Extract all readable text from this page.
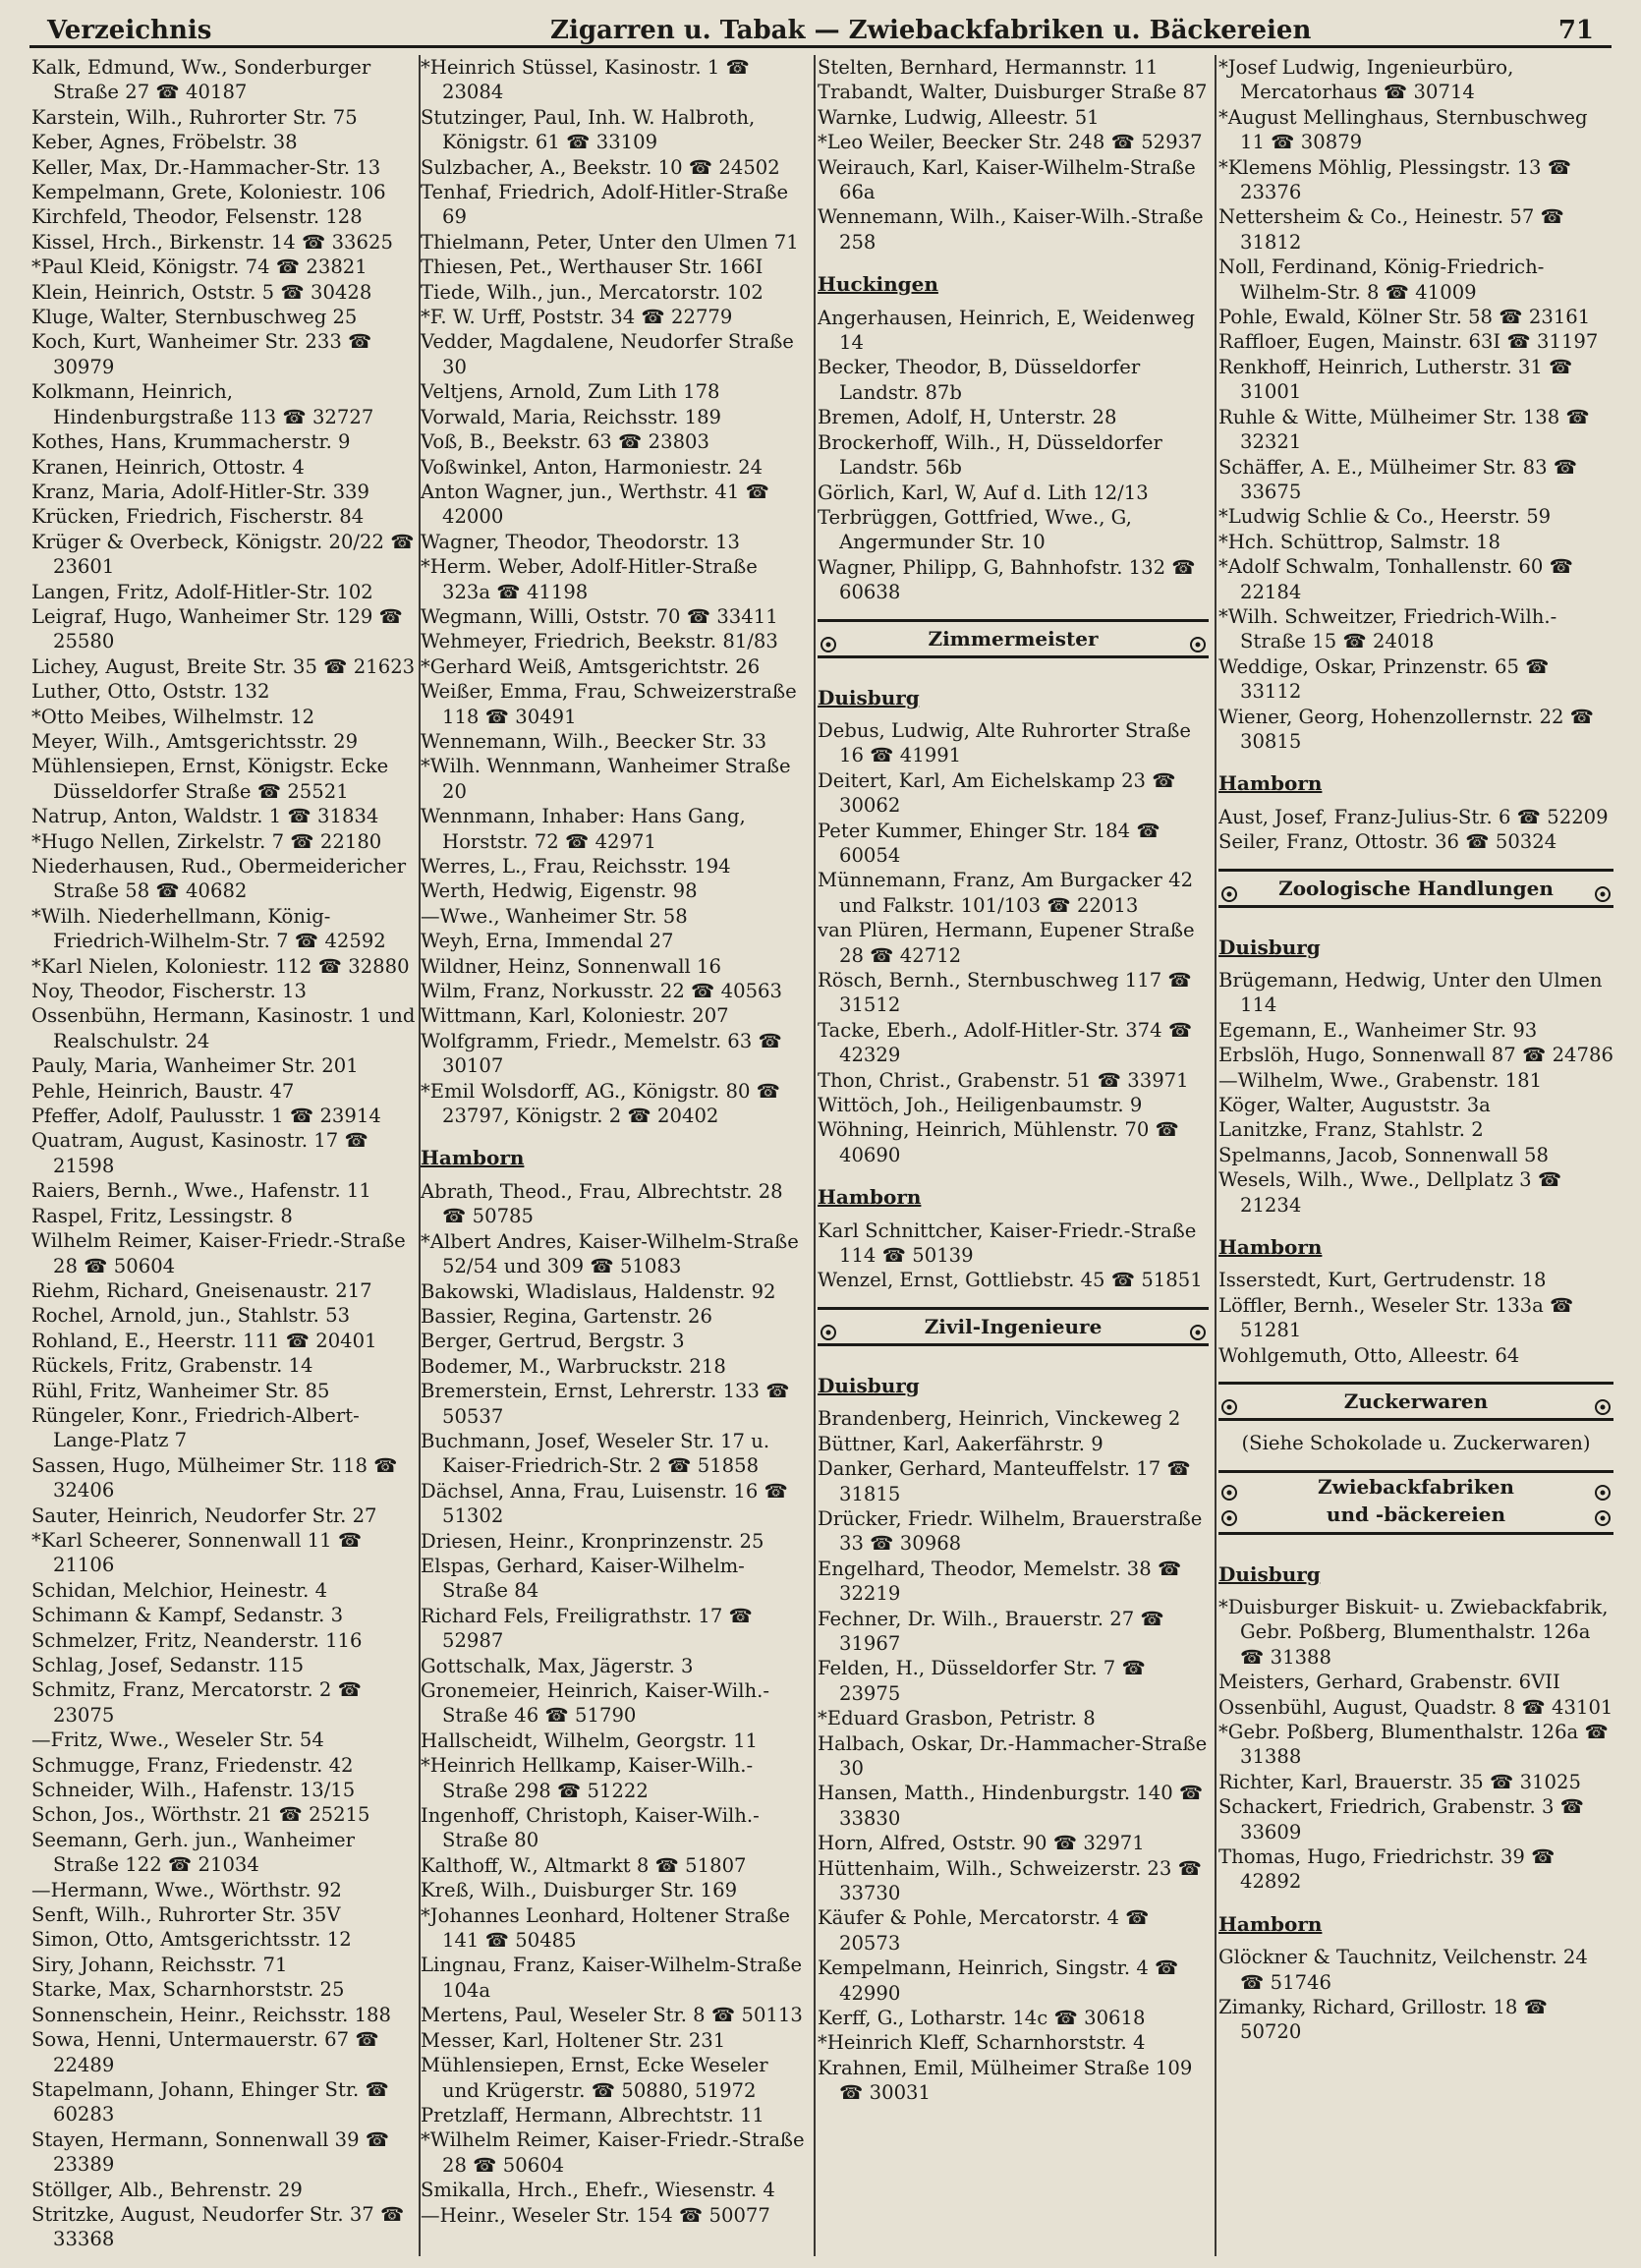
Verzeichnis	Zigarren u. Tabak — Zwiebackfabriken u. Bäckereien	71

Kalk, Edmund, Ww., Sonderburger Straße 27 ☎ 40187

Karstein, Wilh., Ruhrorter Str. 75

Keber, Agnes, Fröbelstr. 38

Keller, Max, Dr.-Hammacher-Str. 13

Kempelmann, Grete, Koloniestr. 106

Kirchfeld, Theodor, Felsenstr. 128

Kissel, Hrch., Birkenstr. 14 ☎ 33625

*Paul Kleid, Königstr. 74 ☎ 23821

Klein, Heinrich, Oststr. 5 ☎ 30428

Kluge, Walter, Sternbuschweg 25

Koch, Kurt, Wanheimer Str. 233 ☎ 30979

Kolkmann, Heinrich, Hindenburgstraße 113 ☎ 32727

Kothes, Hans, Krummacherstr. 9

Kranen, Heinrich, Ottostr. 4

Kranz, Maria, Adolf-Hitler-Str. 339

Krücken, Friedrich, Fischerstr. 84

Krüger & Overbeck, Königstr. 20/22 ☎ 23601

Langen, Fritz, Adolf-Hitler-Str. 102

Leigraf, Hugo, Wanheimer Str. 129 ☎ 25580

Lichey, August, Breite Str. 35 ☎ 21623

Luther, Otto, Oststr. 132

*Otto Meibes, Wilhelmstr. 12

Meyer, Wilh., Amtsgerichtsstr. 29

Mühlensiepen, Ernst, Königstr. Ecke Düsseldorfer Straße ☎ 25521

Natrup, Anton, Waldstr. 1 ☎ 31834

*Hugo Nellen, Zirkelstr. 7 ☎ 22180

Niederhausen, Rud., Obermeidericher Straße 58 ☎ 40682

*Wilh. Niederhellmann, König-Friedrich-Wilhelm-Str. 7 ☎ 42592

*Karl Nielen, Koloniestr. 112 ☎ 32880

Noy, Theodor, Fischerstr. 13

Ossenbühn, Hermann, Kasinostr. 1 und Realschulstr. 24

Pauly, Maria, Wanheimer Str. 201

Pehle, Heinrich, Baustr. 47

Pfeffer, Adolf, Paulusstr. 1 ☎ 23914

Quatram, August, Kasinostr. 17 ☎ 21598

Raiers, Bernh., Wwe., Hafenstr. 11

Raspel, Fritz, Lessingstr. 8

Wilhelm Reimer, Kaiser-Friedr.-Straße 28 ☎ 50604

Riehm, Richard, Gneisenaustr. 217

Rochel, Arnold, jun., Stahlstr. 53

Rohland, E., Heerstr. 111 ☎ 20401

Rückels, Fritz, Grabenstr. 14

Rühl, Fritz, Wanheimer Str. 85

Rüngeler, Konr., Friedrich-Albert-Lange-Platz 7

Sassen, Hugo, Mülheimer Str. 118 ☎ 32406

Sauter, Heinrich, Neudorfer Str. 27

*Karl Scheerer, Sonnenwall 11 ☎ 21106

Schidan, Melchior, Heinestr. 4

Schimann & Kampf, Sedanstr. 3

Schmelzer, Fritz, Neanderstr. 116

Schlag, Josef, Sedanstr. 115

Schmitz, Franz, Mercatorstr. 2 ☎ 23075

—Fritz, Wwe., Weseler Str. 54

Schmugge, Franz, Friedenstr. 42

Schneider, Wilh., Hafenstr. 13/15

Schon, Jos., Wörthstr. 21 ☎ 25215

Seemann, Gerh. jun., Wanheimer Straße 122 ☎ 21034

—Hermann, Wwe., Wörthstr. 92

Senft, Wilh., Ruhrorter Str. 35V

Simon, Otto, Amtsgerichtsstr. 12

Siry, Johann, Reichsstr. 71

Starke, Max, Scharnhorststr. 25

Sonnenschein, Heinr., Reichsstr. 188

Sowa, Henni, Untermauerstr. 67 ☎ 22489

Stapelmann, Johann, Ehinger Str. ☎ 60283

Stayen, Hermann, Sonnenwall 39 ☎ 23389

Stöllger, Alb., Behrenstr. 29

Stritzke, August, Neudorfer Str. 37 ☎ 33368

*Heinrich Stüssel, Kasinostr. 1 ☎ 23084

Stutzinger, Paul, Inh. W. Halbroth, Königstr. 61 ☎ 33109

Sulzbacher, A., Beekstr. 10 ☎ 24502

Tenhaf, Friedrich, Adolf-Hitler-Straße 69

Thielmann, Peter, Unter den Ulmen 71

Thiesen, Pet., Werthauser Str. 166I

Tiede, Wilh., jun., Mercatorstr. 102

*F. W. Urff, Poststr. 34 ☎ 22779

Vedder, Magdalene, Neudorfer Straße 30

Veltjens, Arnold, Zum Lith 178

Vorwald, Maria, Reichsstr. 189

Voß, B., Beekstr. 63 ☎ 23803

Voßwinkel, Anton, Harmoniestr. 24

Anton Wagner, jun., Werthstr. 41 ☎ 42000

Wagner, Theodor, Theodorstr. 13

*Herm. Weber, Adolf-Hitler-Straße 323a ☎ 41198

Wegmann, Willi, Oststr. 70 ☎ 33411

Wehmeyer, Friedrich, Beekstr. 81/83

*Gerhard Weiß, Amtsgerichtstr. 26

Weißer, Emma, Frau, Schweizerstraße 118 ☎ 30491

Wennemann, Wilh., Beecker Str. 33

*Wilh. Wennmann, Wanheimer Straße 20

Wennmann, Inhaber: Hans Gang, Horststr. 72 ☎ 42971

Werres, L., Frau, Reichsstr. 194

Werth, Hedwig, Eigenstr. 98

—Wwe., Wanheimer Str. 58

Weyh, Erna, Immendal 27

Wildner, Heinz, Sonnenwall 16

Wilm, Franz, Norkusstr. 22 ☎ 40563

Wittmann, Karl, Koloniestr. 207

Wolfgramm, Friedr., Memelstr. 63 ☎ 30107

*Emil Wolsdorff, AG., Königstr. 80 ☎ 23797, Königstr. 2 ☎ 20402

Hamborn

Abrath, Theod., Frau, Albrechtstr. 28 ☎ 50785

*Albert Andres, Kaiser-Wilhelm-Straße 52/54 und 309 ☎ 51083

Bakowski, Wladislaus, Haldenstr. 92

Bassier, Regina, Gartenstr. 26

Berger, Gertrud, Bergstr. 3

Bodemer, M., Warbruckstr. 218

Bremerstein, Ernst, Lehrerstr. 133 ☎ 50537

Buchmann, Josef, Weseler Str. 17 u. Kaiser-Friedrich-Str. 2 ☎ 51858

Dächsel, Anna, Frau, Luisenstr. 16 ☎ 51302

Driesen, Heinr., Kronprinzenstr. 25

Elspas, Gerhard, Kaiser-Wilhelm-Straße 84

Richard Fels, Freiligrathstr. 17 ☎ 52987

Gottschalk, Max, Jägerstr. 3

Gronemeier, Heinrich, Kaiser-Wilh.-Straße 46 ☎ 51790

Hallscheidt, Wilhelm, Georgstr. 11

*Heinrich Hellkamp, Kaiser-Wilh.-Straße 298 ☎ 51222

Ingenhoff, Christoph, Kaiser-Wilh.-Straße 80

Kalthoff, W., Altmarkt 8 ☎ 51807

Kreß, Wilh., Duisburger Str. 169

*Johannes Leonhard, Holtener Straße 141 ☎ 50485

Lingnau, Franz, Kaiser-Wilhelm-Straße 104a

Mertens, Paul, Weseler Str. 8 ☎ 50113

Messer, Karl, Holtener Str. 231

Mühlensiepen, Ernst, Ecke Weseler und Krügerstr. ☎ 50880, 51972

Pretzlaff, Hermann, Albrechtstr. 11

*Wilhelm Reimer, Kaiser-Friedr.-Straße 28 ☎ 50604

Smikalla, Hrch., Ehefr., Wiesenstr. 4

—Heinr., Weseler Str. 154 ☎ 50077

Stelten, Bernhard, Hermannstr. 11

Trabandt, Walter, Duisburger Straße 87

Warnke, Ludwig, Alleestr. 51

*Leo Weiler, Beecker Str. 248 ☎ 52937

Weirauch, Karl, Kaiser-Wilhelm-Straße 66a

Wennemann, Wilh., Kaiser-Wilh.-Straße 258

Huckingen

Angerhausen, Heinrich, E, Weidenweg 14

Becker, Theodor, B, Düsseldorfer Landstr. 87b

Bremen, Adolf, H, Unterstr. 28

Brockerhoff, Wilh., H, Düsseldorfer Landstr. 56b

Görlich, Karl, W, Auf d. Lith 12/13

Terbrüggen, Gottfried, Wwe., G, Angermunder Str. 10

Wagner, Philipp, G, Bahnhofstr. 132 ☎ 60638

Zimmermeister
Duisburg

Debus, Ludwig, Alte Ruhrorter Straße 16 ☎ 41991

Deitert, Karl, Am Eichelskamp 23 ☎ 30062

Peter Kummer, Ehinger Str. 184 ☎ 60054

Münnemann, Franz, Am Burgacker 42 und Falkstr. 101/103 ☎ 22013

van Plüren, Hermann, Eupener Straße 28 ☎ 42712

Rösch, Bernh., Sternbuschweg 117 ☎ 31512

Tacke, Eberh., Adolf-Hitler-Str. 374 ☎ 42329

Thon, Christ., Grabenstr. 51 ☎ 33971

Wittöch, Joh., Heiligenbaumstr. 9

Wöhning, Heinrich, Mühlenstr. 70 ☎ 40690

Hamborn

Karl Schnittcher, Kaiser-Friedr.-Straße 114 ☎ 50139

Wenzel, Ernst, Gottliebstr. 45 ☎ 51851

Zivil-Ingenieure
Duisburg

Brandenberg, Heinrich, Vinckeweg 2

Büttner, Karl, Aakerfährstr. 9

Danker, Gerhard, Manteuffelstr. 17 ☎ 31815

Drücker, Friedr. Wilhelm, Brauerstraße 33 ☎ 30968

Engelhard, Theodor, Memelstr. 38 ☎ 32219

Fechner, Dr. Wilh., Brauerstr. 27 ☎ 31967

Felden, H., Düsseldorfer Str. 7 ☎ 23975

*Eduard Grasbon, Petristr. 8

Halbach, Oskar, Dr.-Hammacher-Straße 30

Hansen, Matth., Hindenburgstr. 140 ☎ 33830

Horn, Alfred, Oststr. 90 ☎ 32971

Hüttenhaim, Wilh., Schweizerstr. 23 ☎ 33730

Käufer & Pohle, Mercatorstr. 4 ☎ 20573

Kempelmann, Heinrich, Singstr. 4 ☎ 42990

Kerff, G., Lotharstr. 14c ☎ 30618

*Heinrich Kleff, Scharnhorststr. 4

Krahnen, Emil, Mülheimer Straße 109 ☎ 30031

*Josef Ludwig, Ingenieurbüro, Mercatorhaus ☎ 30714

*August Mellinghaus, Sternbuschweg 11 ☎ 30879

*Klemens Möhlig, Plessingstr. 13 ☎ 23376

Nettersheim & Co., Heinestr. 57 ☎ 31812

Noll, Ferdinand, König-Friedrich-Wilhelm-Str. 8 ☎ 41009

Pohle, Ewald, Kölner Str. 58 ☎ 23161

Raffloer, Eugen, Mainstr. 63I ☎ 31197

Renkhoff, Heinrich, Lutherstr. 31 ☎ 31001

Ruhle & Witte, Mülheimer Str. 138 ☎ 32321

Schäffer, A. E., Mülheimer Str. 83 ☎ 33675

*Ludwig Schlie & Co., Heerstr. 59

*Hch. Schüttrop, Salmstr. 18

*Adolf Schwalm, Tonhallenstr. 60 ☎ 22184

*Wilh. Schweitzer, Friedrich-Wilh.-Straße 15 ☎ 24018

Weddige, Oskar, Prinzenstr. 65 ☎ 33112

Wiener, Georg, Hohenzollernstr. 22 ☎ 30815

Hamborn

Aust, Josef, Franz-Julius-Str. 6 ☎ 52209

Seiler, Franz, Ottostr. 36 ☎ 50324

Zoologische Handlungen
Duisburg

Brügemann, Hedwig, Unter den Ulmen 114

Egemann, E., Wanheimer Str. 93

Erbslöh, Hugo, Sonnenwall 87 ☎ 24786

—Wilhelm, Wwe., Grabenstr. 181

Köger, Walter, Auguststr. 3a

Lanitzke, Franz, Stahlstr. 2

Spelmanns, Jacob, Sonnenwall 58

Wesels, Wilh., Wwe., Dellplatz 3 ☎ 21234

Hamborn

Isserstedt, Kurt, Gertrudenstr. 18

Löffler, Bernh., Weseler Str. 133a ☎ 51281

Wohlgemuth, Otto, Alleestr. 64

Zuckerwaren
(Siehe Schokolade u. Zuckerwaren)
Zwiebackfabriken
und -bäckereien
Duisburg

*Duisburger Biskuit- u. Zwiebackfabrik, Gebr. Poßberg, Blumenthalstr. 126a ☎ 31388

Meisters, Gerhard, Grabenstr. 6VII

Ossenbühl, August, Quadstr. 8 ☎ 43101

*Gebr. Poßberg, Blumenthalstr. 126a ☎ 31388

Richter, Karl, Brauerstr. 35 ☎ 31025

Schackert, Friedrich, Grabenstr. 3 ☎ 33609

Thomas, Hugo, Friedrichstr. 39 ☎ 42892

Hamborn

Glöckner & Tauchnitz, Veilchenstr. 24 ☎ 51746

Zimanky, Richard, Grillostr. 18 ☎ 50720
